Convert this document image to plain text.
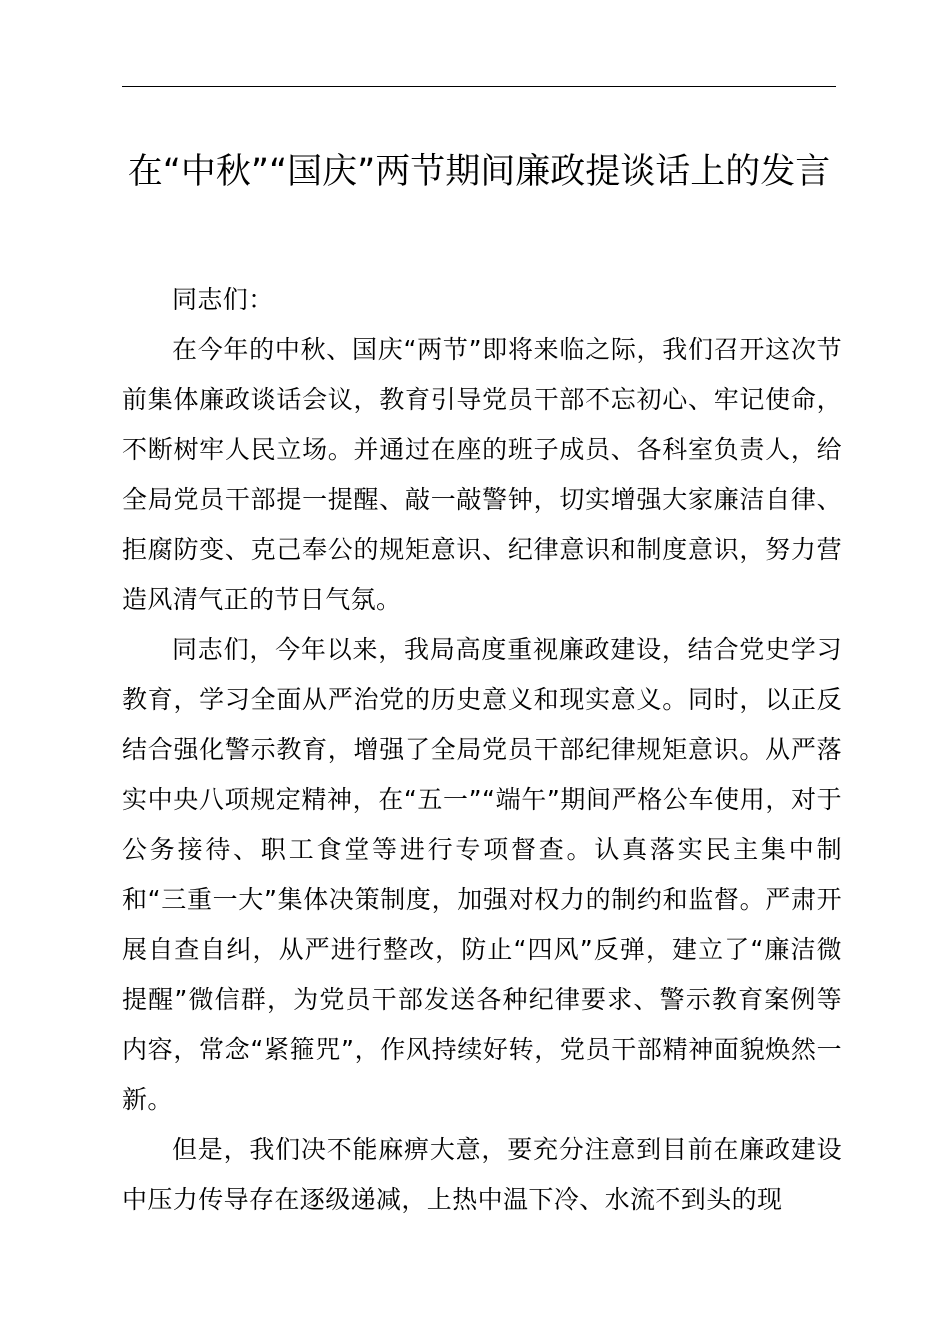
在“中秋”“国庆”两节期间廉政提谈话上的发言

同志们：

在今年的中秋、国庆“两节”即将来临之际，我们召开这次节前集体廉政谈话会议，教育引导党员干部不忘初心、牢记使命，不断树牢人民立场。并通过在座的班子成员、各科室负责人，给全局党员干部提一提醒、敲一敲警钟，切实增强大家廉洁自律、拒腐防变、克己奉公的规矩意识、纪律意识和制度意识，努力营造风清气正的节日气氛。

同志们，今年以来，我局高度重视廉政建设，结合党史学习教育，学习全面从严治党的历史意义和现实意义。同时，以正反结合强化警示教育，增强了全局党员干部纪律规矩意识。从严落实中央八项规定精神，在“五一”“端午”期间严格公车使用，对于公务接待、职工食堂等进行专项督查。认真落实民主集中制和“三重一大”集体决策制度，加强对权力的制约和监督。严肃开展自查自纠，从严进行整改，防止“四风”反弹，建立了“廉洁微提醒”微信群，为党员干部发送各种纪律要求、警示教育案例等内容，常念“紧箍咒”，作风持续好转，党员干部精神面貌焕然一新。

但是，我们决不能麻痹大意，要充分注意到目前在廉政建设中压力传导存在逐级递减，上热中温下冷、水流不到头的现
